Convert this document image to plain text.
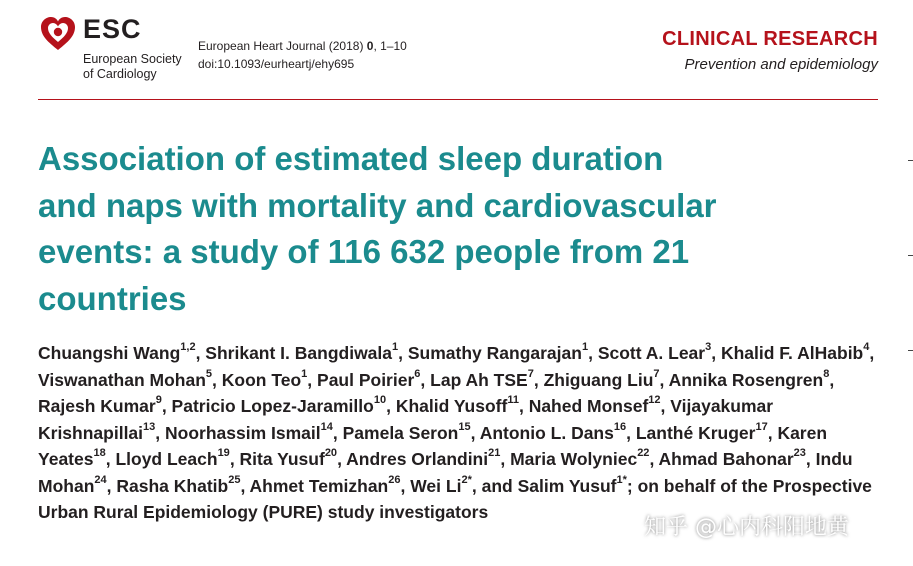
ESC
European Society
of Cardiology
European Heart Journal (2018) 0, 1–10
doi:10.1093/eurheartj/ehy695
CLINICAL RESEARCH
Prevention and epidemiology
Association of estimated sleep duration
and naps with mortality and cardiovascular
events: a study of 116 632 people from 21
countries
Chuangshi Wang$^{1,2}$, Shrikant I. Bangdiwala$^1$, Sumathy Rangarajan$^1$, Scott A. Lear$^3$, Khalid F. AlHabib$^4$, Viswanathan Mohan$^5$, Koon Teo$^1$, Paul Poirier$^6$, Lap Ah TSE$^7$, Zhiguang Liu$^7$, Annika Rosengren$^8$, Rajesh Kumar$^9$, Patricio Lopez-Jaramillo$^{10}$, Khalid Yusoff$^{11}$, Nahed Monsef$^{12}$, Vijayakumar Krishnapillai$^{13}$, Noorhassim Ismail$^{14}$, Pamela Seron$^{15}$, Antonio L. Dans$^{16}$, Lanthé Kruger$^{17}$, Karen Yeates$^{18}$, Lloyd Leach$^{19}$, Rita Yusuf$^{20}$, Andres Orlandini$^{21}$, Maria Wolyniec$^{22}$, Ahmad Bahonar$^{23}$, Indu Mohan$^{24}$, Rasha Khatib$^{25}$, Ahmet Temizhan$^{26}$, Wei $Li^{2*}$, and Salim Yusuf$^{1*}$; on behalf of the Prospective Urban Rural Epidemiology (PURE) study investigators
知乎 @心内科阳地黄
